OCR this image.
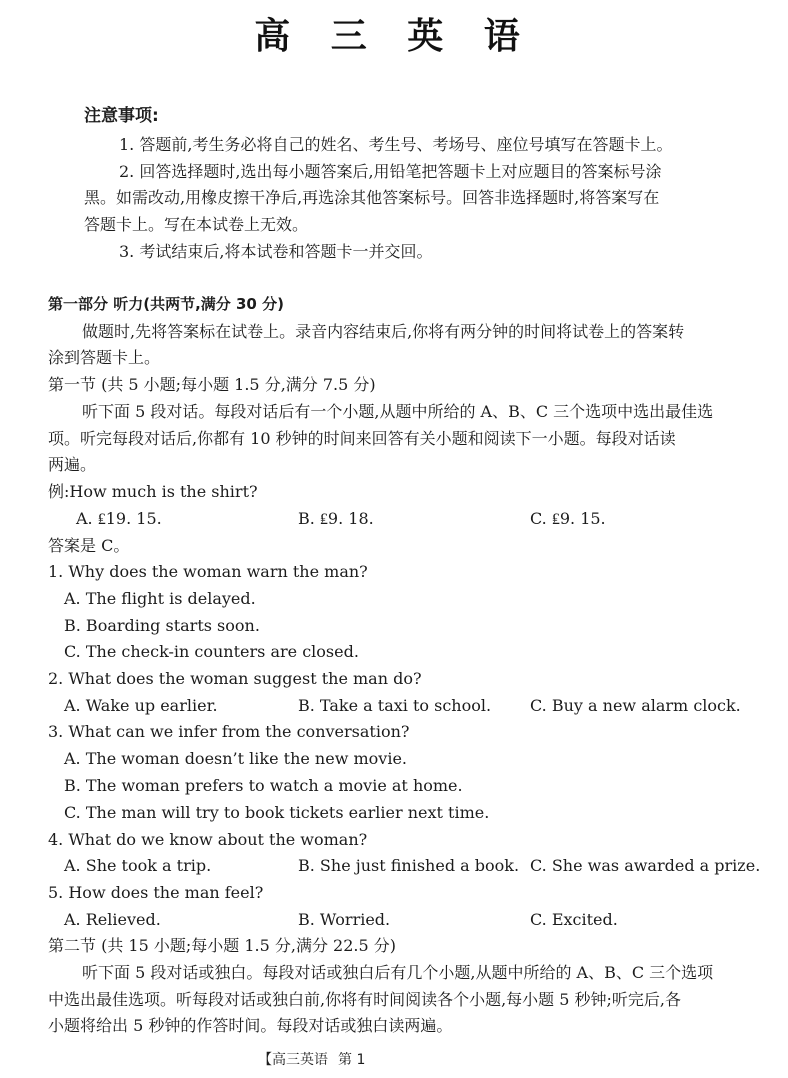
高 三 英 语
注意事项:
1. 答题前,考生务必将自己的姓名、考生号、考场号、座位号填写在答题卡上。
2. 回答选择题时,选出每小题答案后,用铅笔把答题卡上对应题目的答案标号涂
黑。如需改动,用橡皮擦干净后,再选涂其他答案标号。回答非选择题时,将答案写在
答题卡上。写在本试卷上无效。
3. 考试结束后,将本试卷和答题卡一并交回。
第一部分 听力(共两节,满分 30 分)
做题时,先将答案标在试卷上。录音内容结束后,你将有两分钟的时间将试卷上的答案转
涂到答题卡上。
第一节 (共 5 小题;每小题 1.5 分,满分 7.5 分)
听下面 5 段对话。每段对话后有一个小题,从题中所给的 A、B、C 三个选项中选出最佳选
项。听完每段对话后,你都有 10 秒钟的时间来回答有关小题和阅读下一小题。每段对话读
两遍。
例:How much is the shirt?
A. ₤19. 15.	B. ₤9. 18.	C. ₤9. 15.
答案是 C。
1. Why does the woman warn the man?
A. The flight is delayed.
B. Boarding starts soon.
C. The check-in counters are closed.
2. What does the woman suggest the man do?
A. Wake up earlier.	B. Take a taxi to school. C. Buy a new alarm clock.
3. What can we infer from the conversation?
A. The woman doesn’t like the new movie.
B. The woman prefers to watch a movie at home.
C. The man will try to book tickets earlier next time.
4. What do we know about the woman?
A. She took a trip.	B. She just finished a book. C. She was awarded a prize.
5. How does the man feel?
A. Relieved.	B. Worried.	C. Excited.
第二节 (共 15 小题;每小题 1.5 分,满分 22.5 分)
听下面 5 段对话或独白。每段对话或独白后有几个小题,从题中所给的 A、B、C 三个选项
中选出最佳选项。听每段对话或独白前,你将有时间阅读各个小题,每小题 5 秒钟;听完后,各
小题将给出 5 秒钟的作答时间。每段对话或独白读两遍。
【高三英语 第 1
